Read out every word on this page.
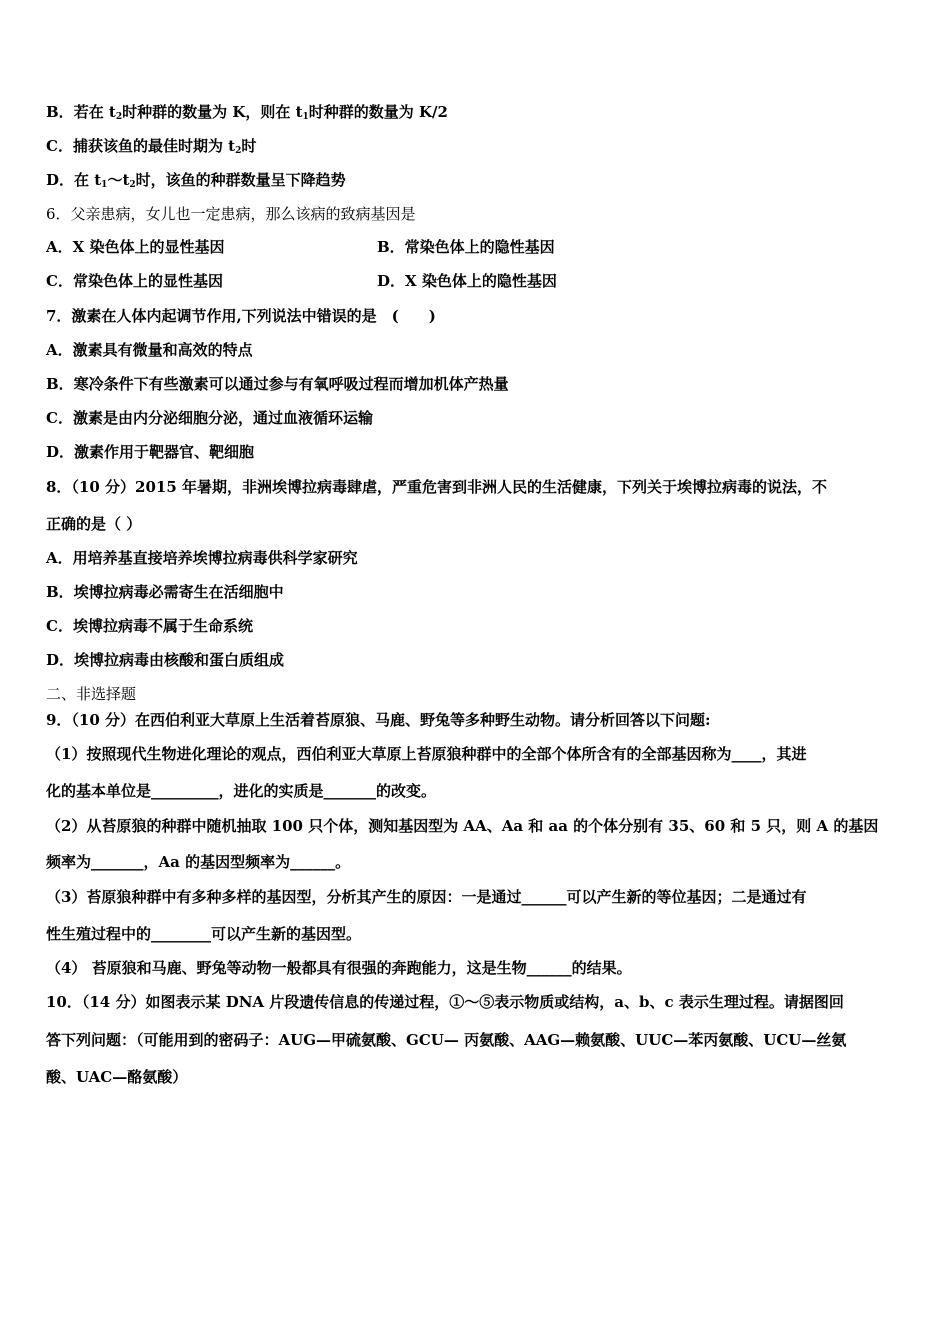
B．若在 $t_2$时种群的数量为 K，则在 $t_1$时种群的数量为 K/2
C．捕获该鱼的最佳时期为 $t_2$时
D．在 $t_1\sim t_2$时，该鱼的种群数量呈下降趋势
6．父亲患病，女儿也一定患病，那么该病的致病基因是
A．X 染色体上的显性基因	B．常染色体上的隐性基因
C．常染色体上的显性基因	D．X 染色体上的隐性基因
7．激素在人体内起调节作用,下列说法中错误的是　(　　)
A．激素具有微量和高效的特点
B．寒冷条件下有些激素可以通过参与有氧呼吸过程而增加机体产热量
C．激素是由内分泌细胞分泌，通过血液循环运输
D．激素作用于靶器官、靶细胞
8．（10 分）2015 年暑期，非洲埃博拉病毒肆虐，严重危害到非洲人民的生活健康，下列关于埃博拉病毒的说法，不
正确的是（ ）
A．用培养基直接培养埃博拉病毒供科学家研究
B．埃博拉病毒必需寄生在活细胞中
C．埃博拉病毒不属于生命系统
D．埃博拉病毒由核酸和蛋白质组成
二、非选择题
9．（10 分）在西伯利亚大草原上生活着苔原狼、马鹿、野兔等多种野生动物。请分析回答以下问题:
（1）按照现代生物进化理论的观点，西伯利亚大草原上苔原狼种群中的全部个体所含有的全部基因称为____，其进
化的基本单位是_________，进化的实质是_______的改变。
（2）从苔原狼的种群中随机抽取 100 只个体，测知基因型为 AA、Aa 和 aa 的个体分别有 35、60 和 5 只，则 A 的基因
频率为_______，Aa 的基因型频率为______。
（3）苔原狼种群中有多种多样的基因型，分析其产生的原因：一是通过______可以产生新的等位基因；二是通过有
性生殖过程中的________可以产生新的基因型。
（4） 苔原狼和马鹿、野兔等动物一般都具有很强的奔跑能力，这是生物______的结果。
10．（14 分）如图表示某 DNA 片段遗传信息的传递过程，①～⑤表示物质或结构，a、b、c 表示生理过程。请据图回
答下列问题：（可能用到的密码子：AUG—甲硫氨酸、GCU— 丙氨酸、AAG—赖氨酸、UUC—苯丙氨酸、UCU—丝氨
酸、UAC—酪氨酸）
